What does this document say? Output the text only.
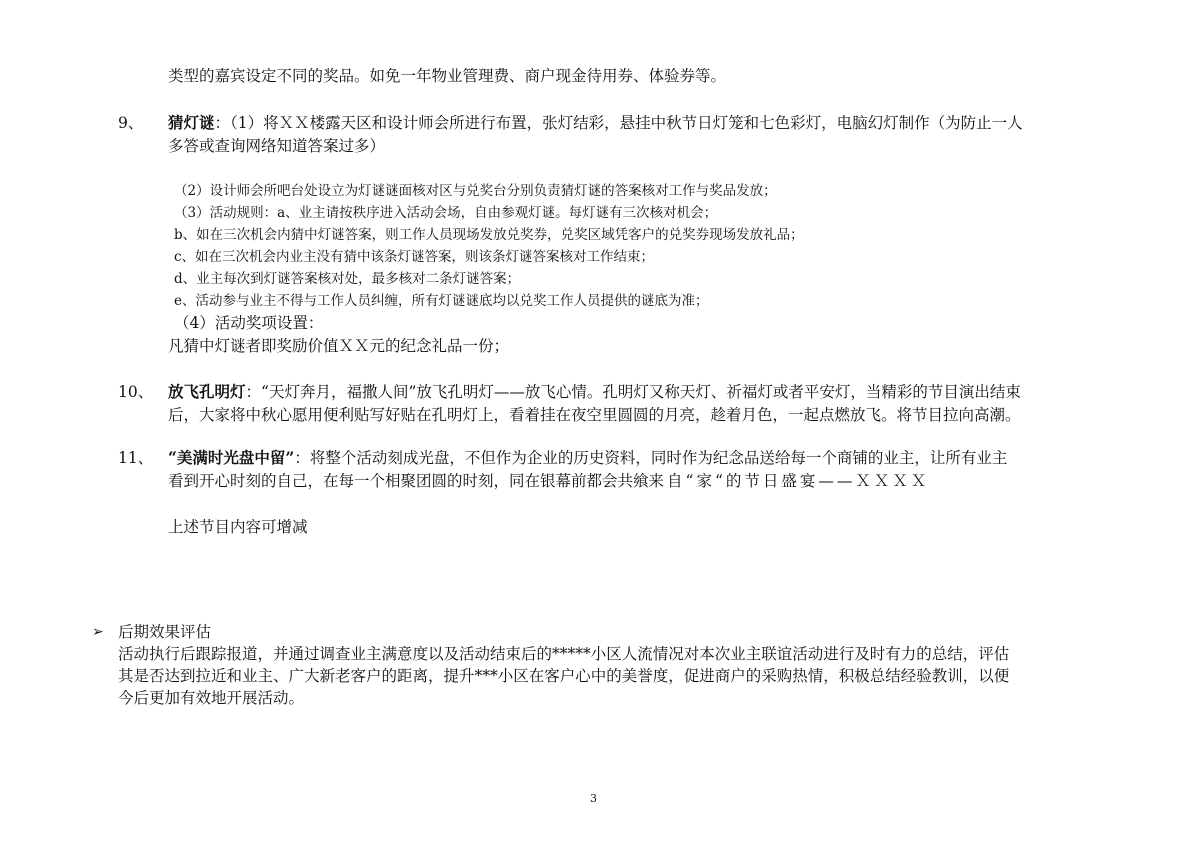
类型的嘉宾设定不同的奖品。如免一年物业管理费、商户现金待用券、体验券等。
9、 猜灯谜：（1）将ＸＸ楼露天区和设计师会所进行布置，张灯结彩，悬挂中秋节日灯笼和七色彩灯，电脑幻灯制作（为防止一人
多答或查询网络知道答案过多）
（2）设计师会所吧台处设立为灯谜谜面核对区与兑奖台分别负责猜灯谜的答案核对工作与奖品发放；
（3）活动规则：a、业主请按秩序进入活动会场，自由参观灯谜。每灯谜有三次核对机会；
b、如在三次机会内猜中灯谜答案，则工作人员现场发放兑奖券，兑奖区域凭客户的兑奖券现场发放礼品；
c、如在三次机会内业主没有猜中该条灯谜答案，则该条灯谜答案核对工作结束；
d、业主每次到灯谜答案核对处，最多核对二条灯谜答案；
e、活动参与业主不得与工作人员纠缠，所有灯谜谜底均以兑奖工作人员提供的谜底为准；
（4）活动奖项设置：
凡猜中灯谜者即奖励价值ＸＸ元的纪念礼品一份；
10、 放飞孔明灯：“天灯奔月，福撒人间”放飞孔明灯——放飞心情。孔明灯又称天灯、祈福灯或者平安灯，当精彩的节目演出结束
后，大家将中秋心愿用便利贴写好贴在孔明灯上，看着挂在夜空里圆圆的月亮，趁着月色，一起点燃放飞。将节目拉向高潮。
11、 “美满时光盘中留”：将整个活动刻成光盘，不但作为企业的历史资料，同时作为纪念品送给每一个商铺的业主，让所有业主
看到开心时刻的自己，在每一个相聚团圆的时刻，同在银幕前都会共飨来自“家“的节日盛宴——ＸＸＸＸ
上述节目内容可增减
➢ 后期效果评估
活动执行后跟踪报道，并通过调查业主满意度以及活动结束后的*****小区人流情况对本次业主联谊活动进行及时有力的总结，评估
其是否达到拉近和业主、广大新老客户的距离，提升***小区在客户心中的美誉度，促进商户的采购热情，积极总结经验教训，以便
今后更加有效地开展活动。
3
